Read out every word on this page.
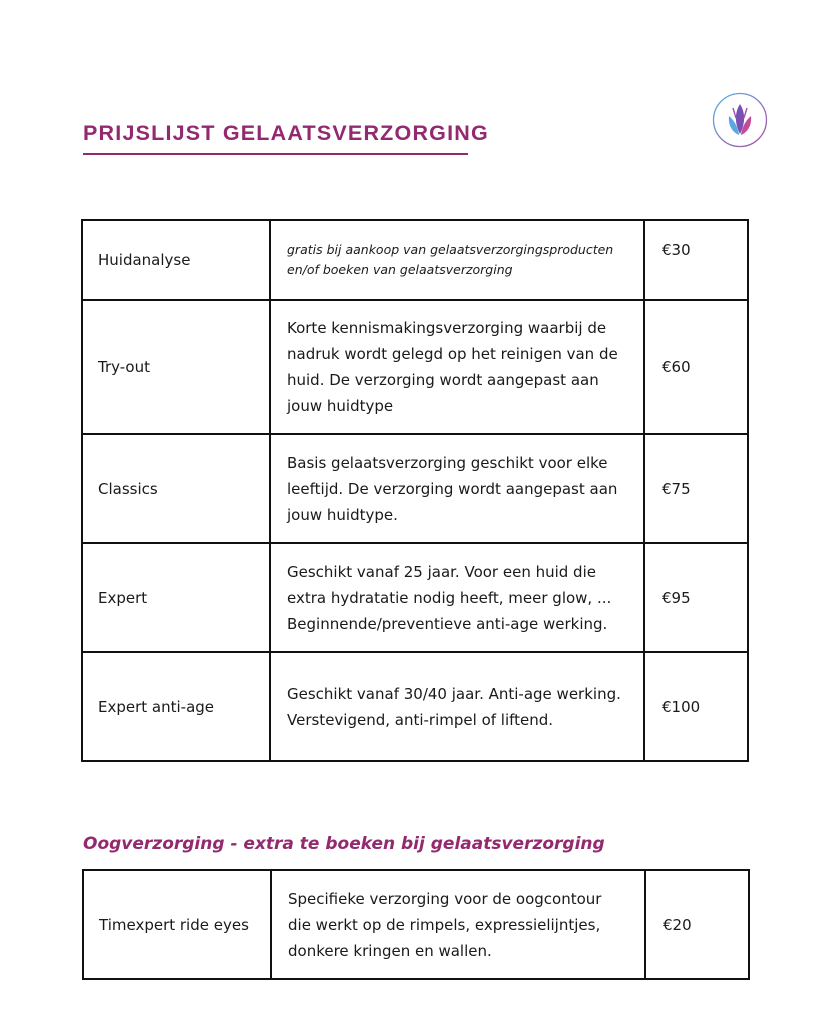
PRIJSLIJST GELAATSVERZORGING
Huidanalyse	gratis bij aankoop van gelaatsverzorgingsproducten en/of boeken van gelaatsverzorging	€30
Try-out	Korte kennismakingsverzorging waarbij de nadruk wordt gelegd op het reinigen van de huid. De verzorging wordt aangepast aan jouw huidtype	€60
Classics	Basis gelaatsverzorging geschikt voor elke leeftijd. De verzorging wordt aangepast aan jouw huidtype.	€75
Expert	Geschikt vanaf 25 jaar. Voor een huid die extra hydratatie nodig heeft, meer glow, ... Beginnende/preventieve anti-age werking.	€95
Expert anti-age	Geschikt vanaf 30/40 jaar. Anti-age werking. Verstevigend, anti-rimpel of liftend.	€100
Oogverzorging - extra te boeken bij gelaatsverzorging
Timexpert ride eyes	Specifieke verzorging voor de oogcontour die werkt op de rimpels, expressielijntjes, donkere kringen en wallen.	€20
